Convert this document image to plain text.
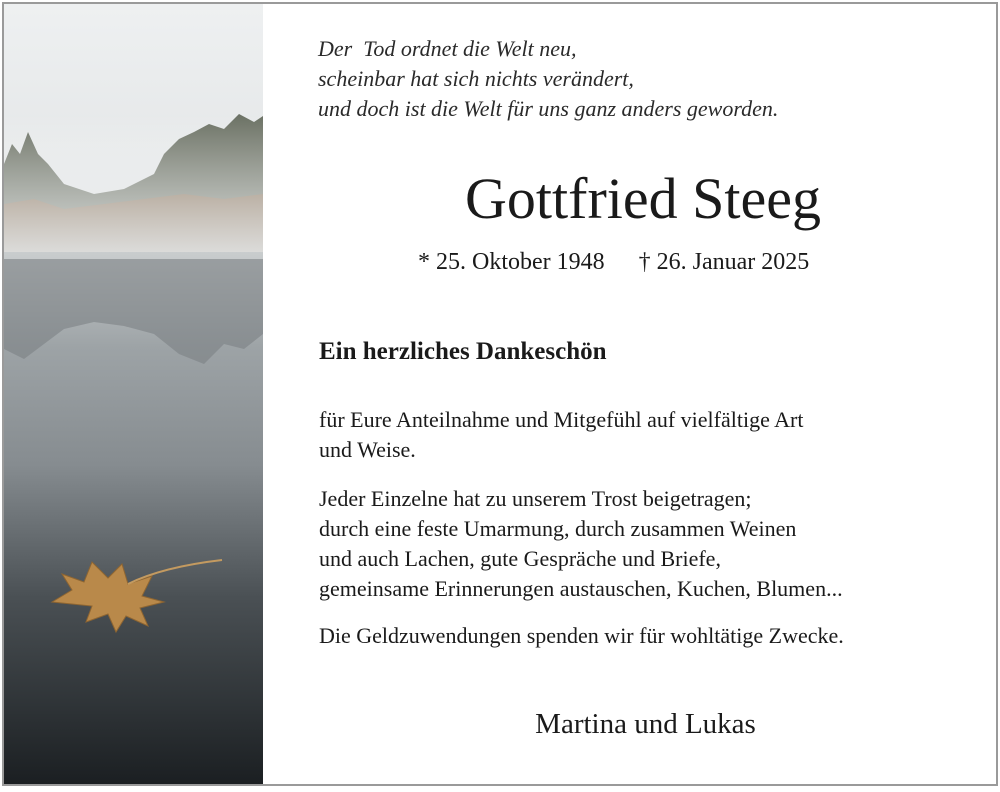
Der  Tod ordnet die Welt neu,
scheinbar hat sich nichts verändert,
und doch ist die Welt für uns ganz anders geworden.
Gottfried Steeg
* 25. Oktober 1948 † 26. Januar 2025
Ein herzliches Dankeschön
für Eure Anteilnahme und Mitgefühl auf vielfältige Art
und Weise.
Jeder Einzelne hat zu unserem Trost beigetragen;
durch eine feste Umarmung, durch zusammen Weinen
und auch Lachen, gute Gespräche und Briefe,
gemeinsame Erinnerungen austauschen, Kuchen, Blumen...
Die Geldzuwendungen spenden wir für wohltätige Zwecke.
Martina und Lukas
